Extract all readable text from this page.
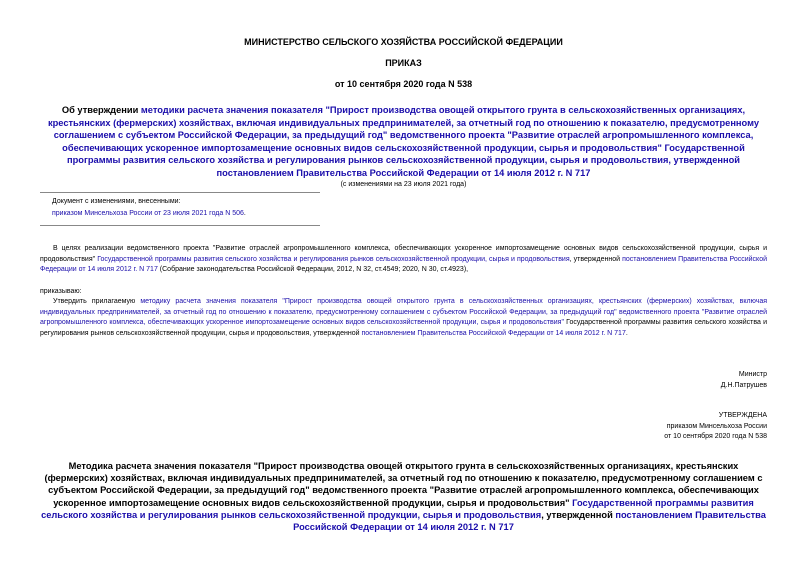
МИНИСТЕРСТВО СЕЛЬСКОГО ХОЗЯЙСТВА РОССИЙСКОЙ ФЕДЕРАЦИИ
ПРИКАЗ
от 10 сентября 2020 года N 538
Об утверждении методики расчета значения показателя "Прирост производства овощей открытого грунта в сельскохозяйственных организациях, крестьянских (фермерских) хозяйствах, включая индивидуальных предпринимателей, за отчетный год по отношению к показателю, предусмотренному соглашением с субъектом Российской Федерации, за предыдущий год" ведомственного проекта "Развитие отраслей агропромышленного комплекса, обеспечивающих ускоренное импортозамещение основных видов сельскохозяйственной продукции, сырья и продовольствия" Государственной программы развития сельского хозяйства и регулирования рынков сельскохозяйственной продукции, сырья и продовольствия, утвержденной постановлением Правительства Российской Федерации от 14 июля 2012 г. N 717
(с изменениями на 23 июля 2021 года)
Документ с изменениями, внесенными:
приказом Минсельхоза России от 23 июля 2021 года N 506.
В целях реализации ведомственного проекта "Развитие отраслей агропромышленного комплекса, обеспечивающих ускоренное импортозамещение основных видов сельскохозяйственной продукции, сырья и продовольствия" Государственной программы развития сельского хозяйства и регулирования рынков сельскохозяйственной продукции, сырья и продовольствия, утвержденной постановлением Правительства Российской Федерации от 14 июля 2012 г. N 717 (Собрание законодательства Российской Федерации, 2012, N 32, ст.4549; 2020, N 30, ст.4923),
приказываю:
Утвердить прилагаемую методику расчета значения показателя "Прирост производства овощей открытого грунта в сельскохозяйственных организациях, крестьянских (фермерских) хозяйствах, включая индивидуальных предпринимателей, за отчетный год по отношению к показателю, предусмотренному соглашением с субъектом Российской Федерации, за предыдущий год" ведомственного проекта "Развитие отраслей агропромышленного комплекса, обеспечивающих ускоренное импортозамещение основных видов сельскохозяйственной продукции, сырья и продовольствия" Государственной программы развития сельского хозяйства и регулирования рынков сельскохозяйственной продукции, сырья и продовольствия, утвержденной постановлением Правительства Российской Федерации от 14 июля 2012 г. N 717.
Министр
Д.Н.Патрушев
УТВЕРЖДЕНА
приказом Минсельхоза России
от 10 сентября 2020 года N 538
Методика расчета значения показателя "Прирост производства овощей открытого грунта в сельскохозяйственных организациях, крестьянских (фермерских) хозяйствах, включая индивидуальных предпринимателей, за отчетный год по отношению к показателю, предусмотренному соглашением с субъектом Российской Федерации, за предыдущий год" ведомственного проекта "Развитие отраслей агропромышленного комплекса, обеспечивающих ускоренное импортозамещение основных видов сельскохозяйственной продукции, сырья и продовольствия" Государственной программы развития сельского хозяйства и регулирования рынков сельскохозяйственной продукции, сырья и продовольствия, утвержденной постановлением Правительства Российской Федерации от 14 июля 2012 г. N 717
